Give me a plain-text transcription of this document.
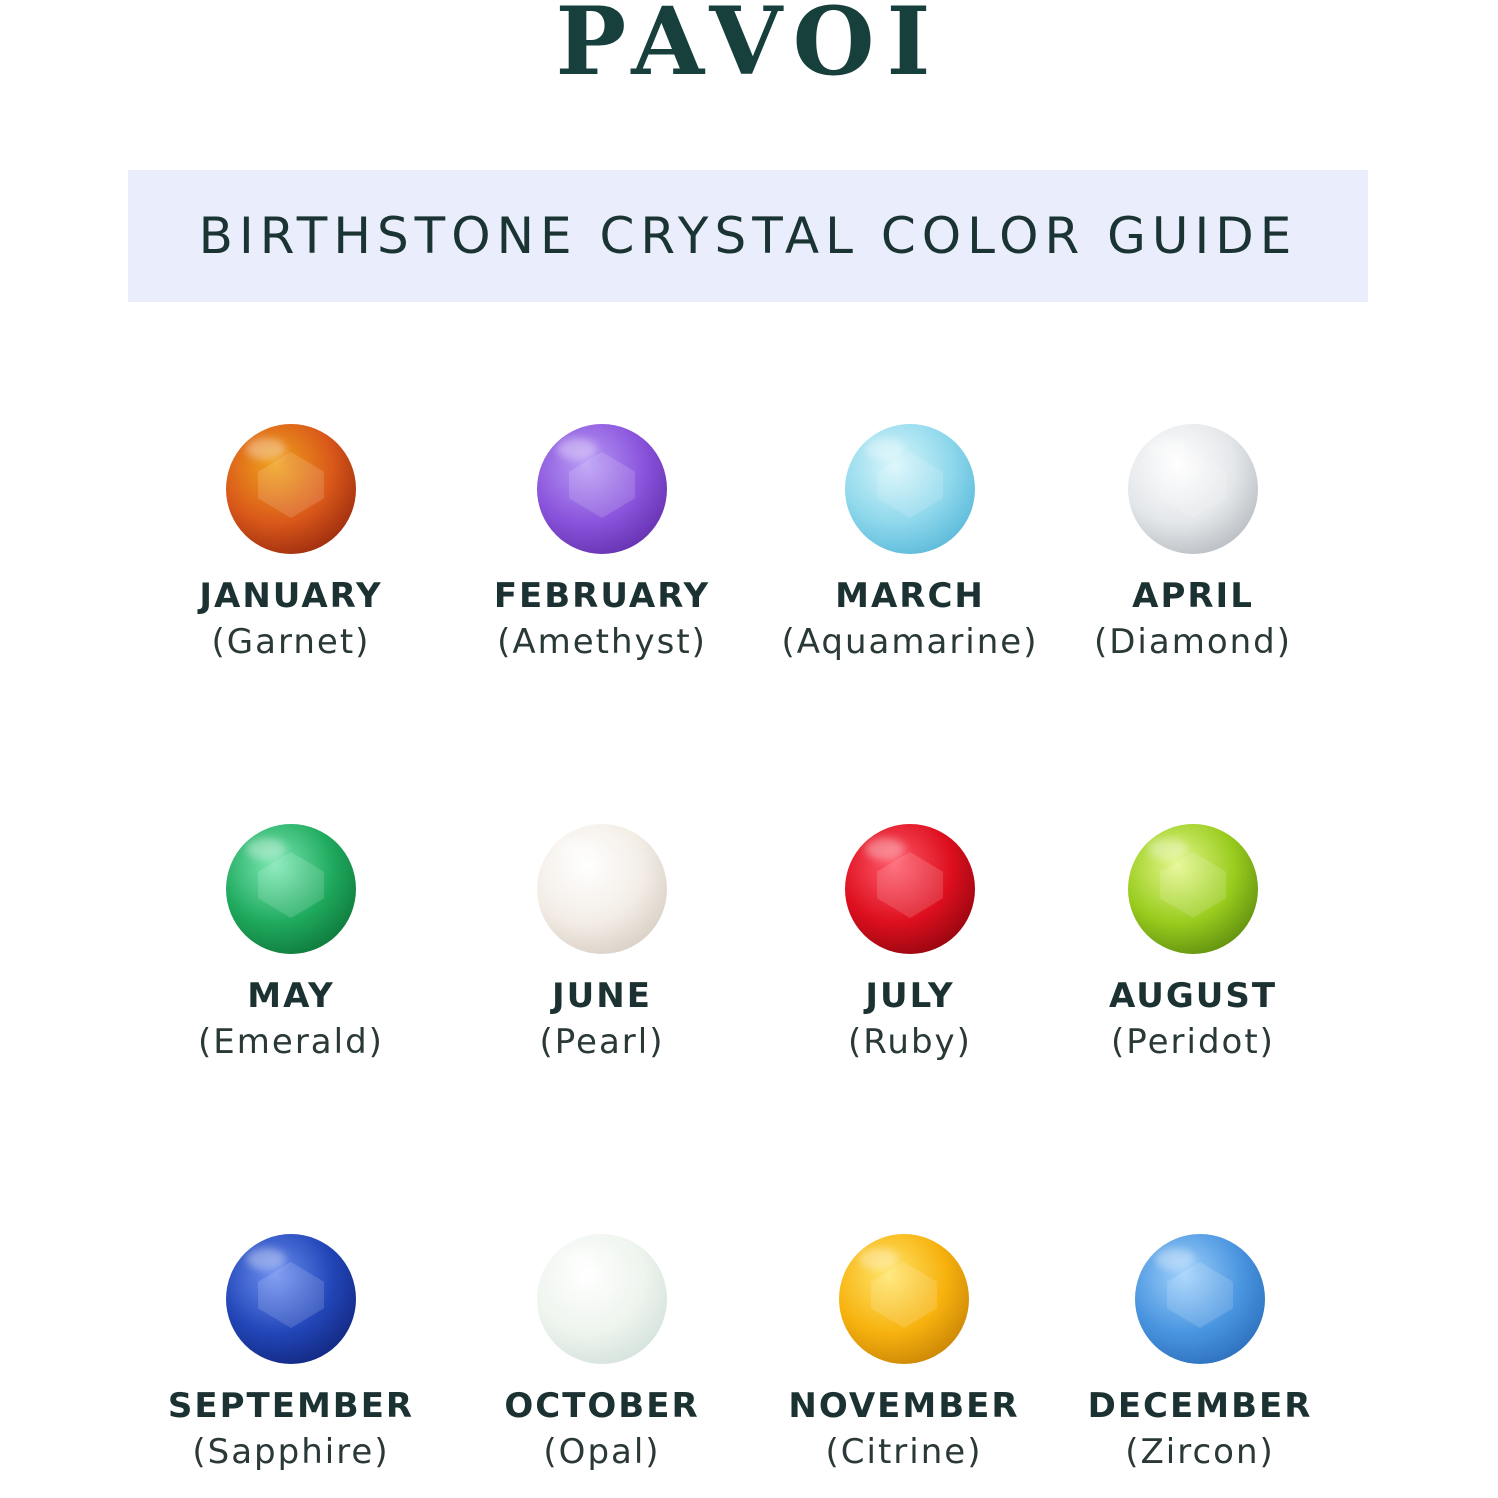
PAVOI
BIRTHSTONE CRYSTAL COLOR GUIDE
JANUARY
(Garnet)
FEBRUARY
(Amethyst)
MARCH
(Aquamarine)
APRIL
(Diamond)
MAY
(Emerald)
JUNE
(Pearl)
JULY
(Ruby)
AUGUST
(Peridot)
SEPTEMBER
(Sapphire)
OCTOBER
(Opal)
NOVEMBER
(Citrine)
DECEMBER
(Zircon)
